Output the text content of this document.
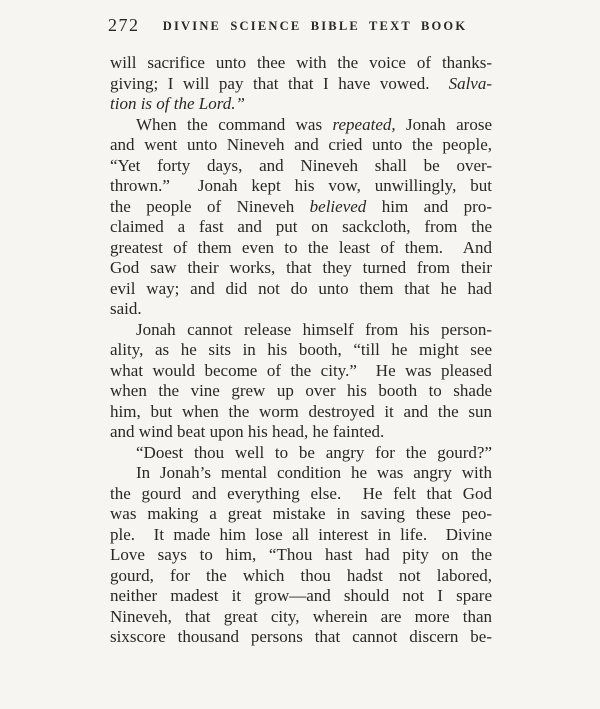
272	DIVINE SCIENCE BIBLE TEXT BOOK
will sacrifice unto thee with the voice of thanks-
giving; I will pay that that I have vowed.  Salva-
tion is of the Lord.”
When the command was repeated, Jonah arose
and went unto Nineveh and cried unto the people,
“Yet forty days, and Nineveh shall be over-
thrown.”  Jonah kept his vow, unwillingly, but
the people of Nineveh believed him and pro-
claimed a fast and put on sackcloth, from the
greatest of them even to the least of them.  And
God saw their works, that they turned from their
evil way; and did not do unto them that he had
said.
Jonah cannot release himself from his person-
ality, as he sits in his booth, “till he might see
what would become of the city.”  He was pleased
when the vine grew up over his booth to shade
him, but when the worm destroyed it and the sun
and wind beat upon his head, he fainted.
“Doest thou well to be angry for the gourd?”
In Jonah’s mental condition he was angry with
the gourd and everything else.  He felt that God
was making a great mistake in saving these peo-
ple.  It made him lose all interest in life.  Divine
Love says to him, “Thou hast had pity on the
gourd, for the which thou hadst not labored,
neither madest it grow—and should not I spare
Nineveh, that great city, wherein are more than
sixscore thousand persons that cannot discern be-
